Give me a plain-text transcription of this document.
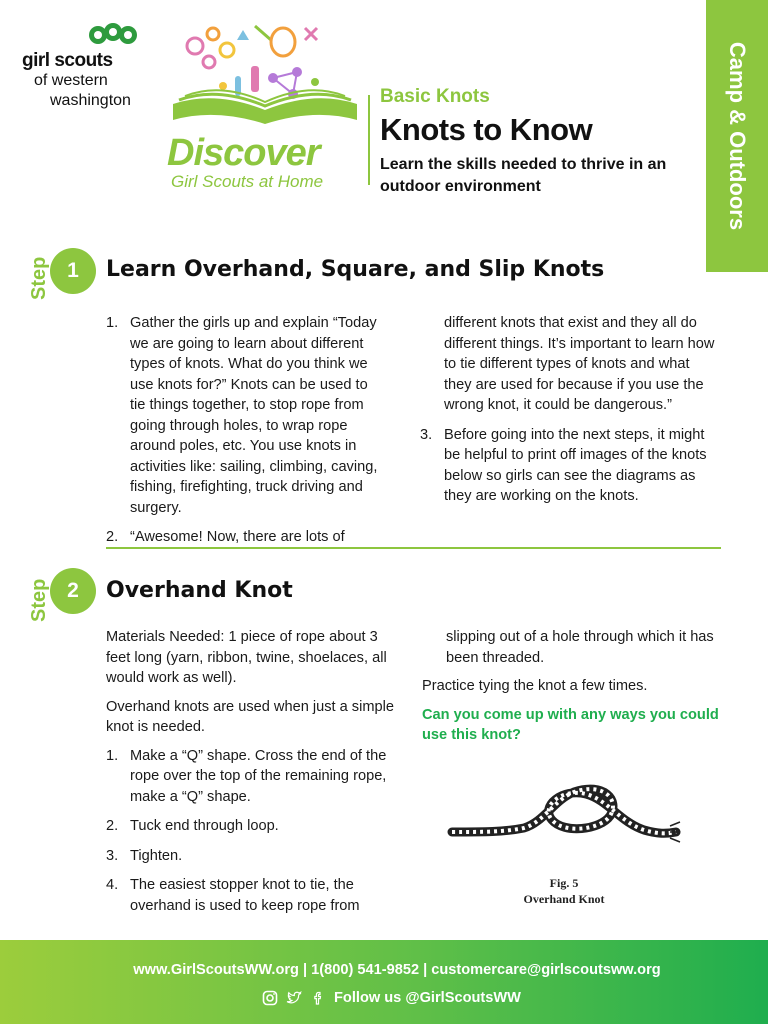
girl scouts
of western
washington
Discover
Girl Scouts at Home
Basic Knots
Knots to Know
Learn the skills needed to thrive in an outdoor environment	Camp & Outdoors
Step 1	Learn Overhand, Square, and Slip Knots
1. Gather the girls up and explain “Today we are going to learn about different types of knots. What do you think we use knots for?” Knots can be used to tie things together, to stop rope from going through holes, to wrap rope around poles, etc. You use knots in activities like: sailing, climbing, caving, fishing, firefighting, truck driving and surgery.
2. “Awesome! Now, there are lots of
different knots that exist and they all do different things. It’s important to learn how to tie different types of knots and what they are used for because if you use the wrong knot, it could be dangerous.”
3. Before going into the next steps, it might be helpful to print off images of the knots below so girls can see the diagrams as they are working on the knots.
Step 2	Overhand Knot

Materials Needed: 1 piece of rope about 3 feet long (yarn, ribbon, twine, shoelaces, all would work as well).

Overhand knots are used when just a simple knot is needed.

1. Make a “Q” shape. Cross the end of the rope over the top of the remaining rope, make a “Q” shape.
2. Tuck end through loop.
3. Tighten.
4. The easiest stopper knot to tie, the overhand is used to keep rope from
slipping out of a hole through which it has been threaded.

Practice tying the knot a few times.

Can you come up with any ways you could use this knot?

Fig. 5
Overhand Knot
www.GirlScoutsWW.org | 1(800) 541-9852 | customercare@girlscoutsww.org
Follow us @GirlScoutsWW
